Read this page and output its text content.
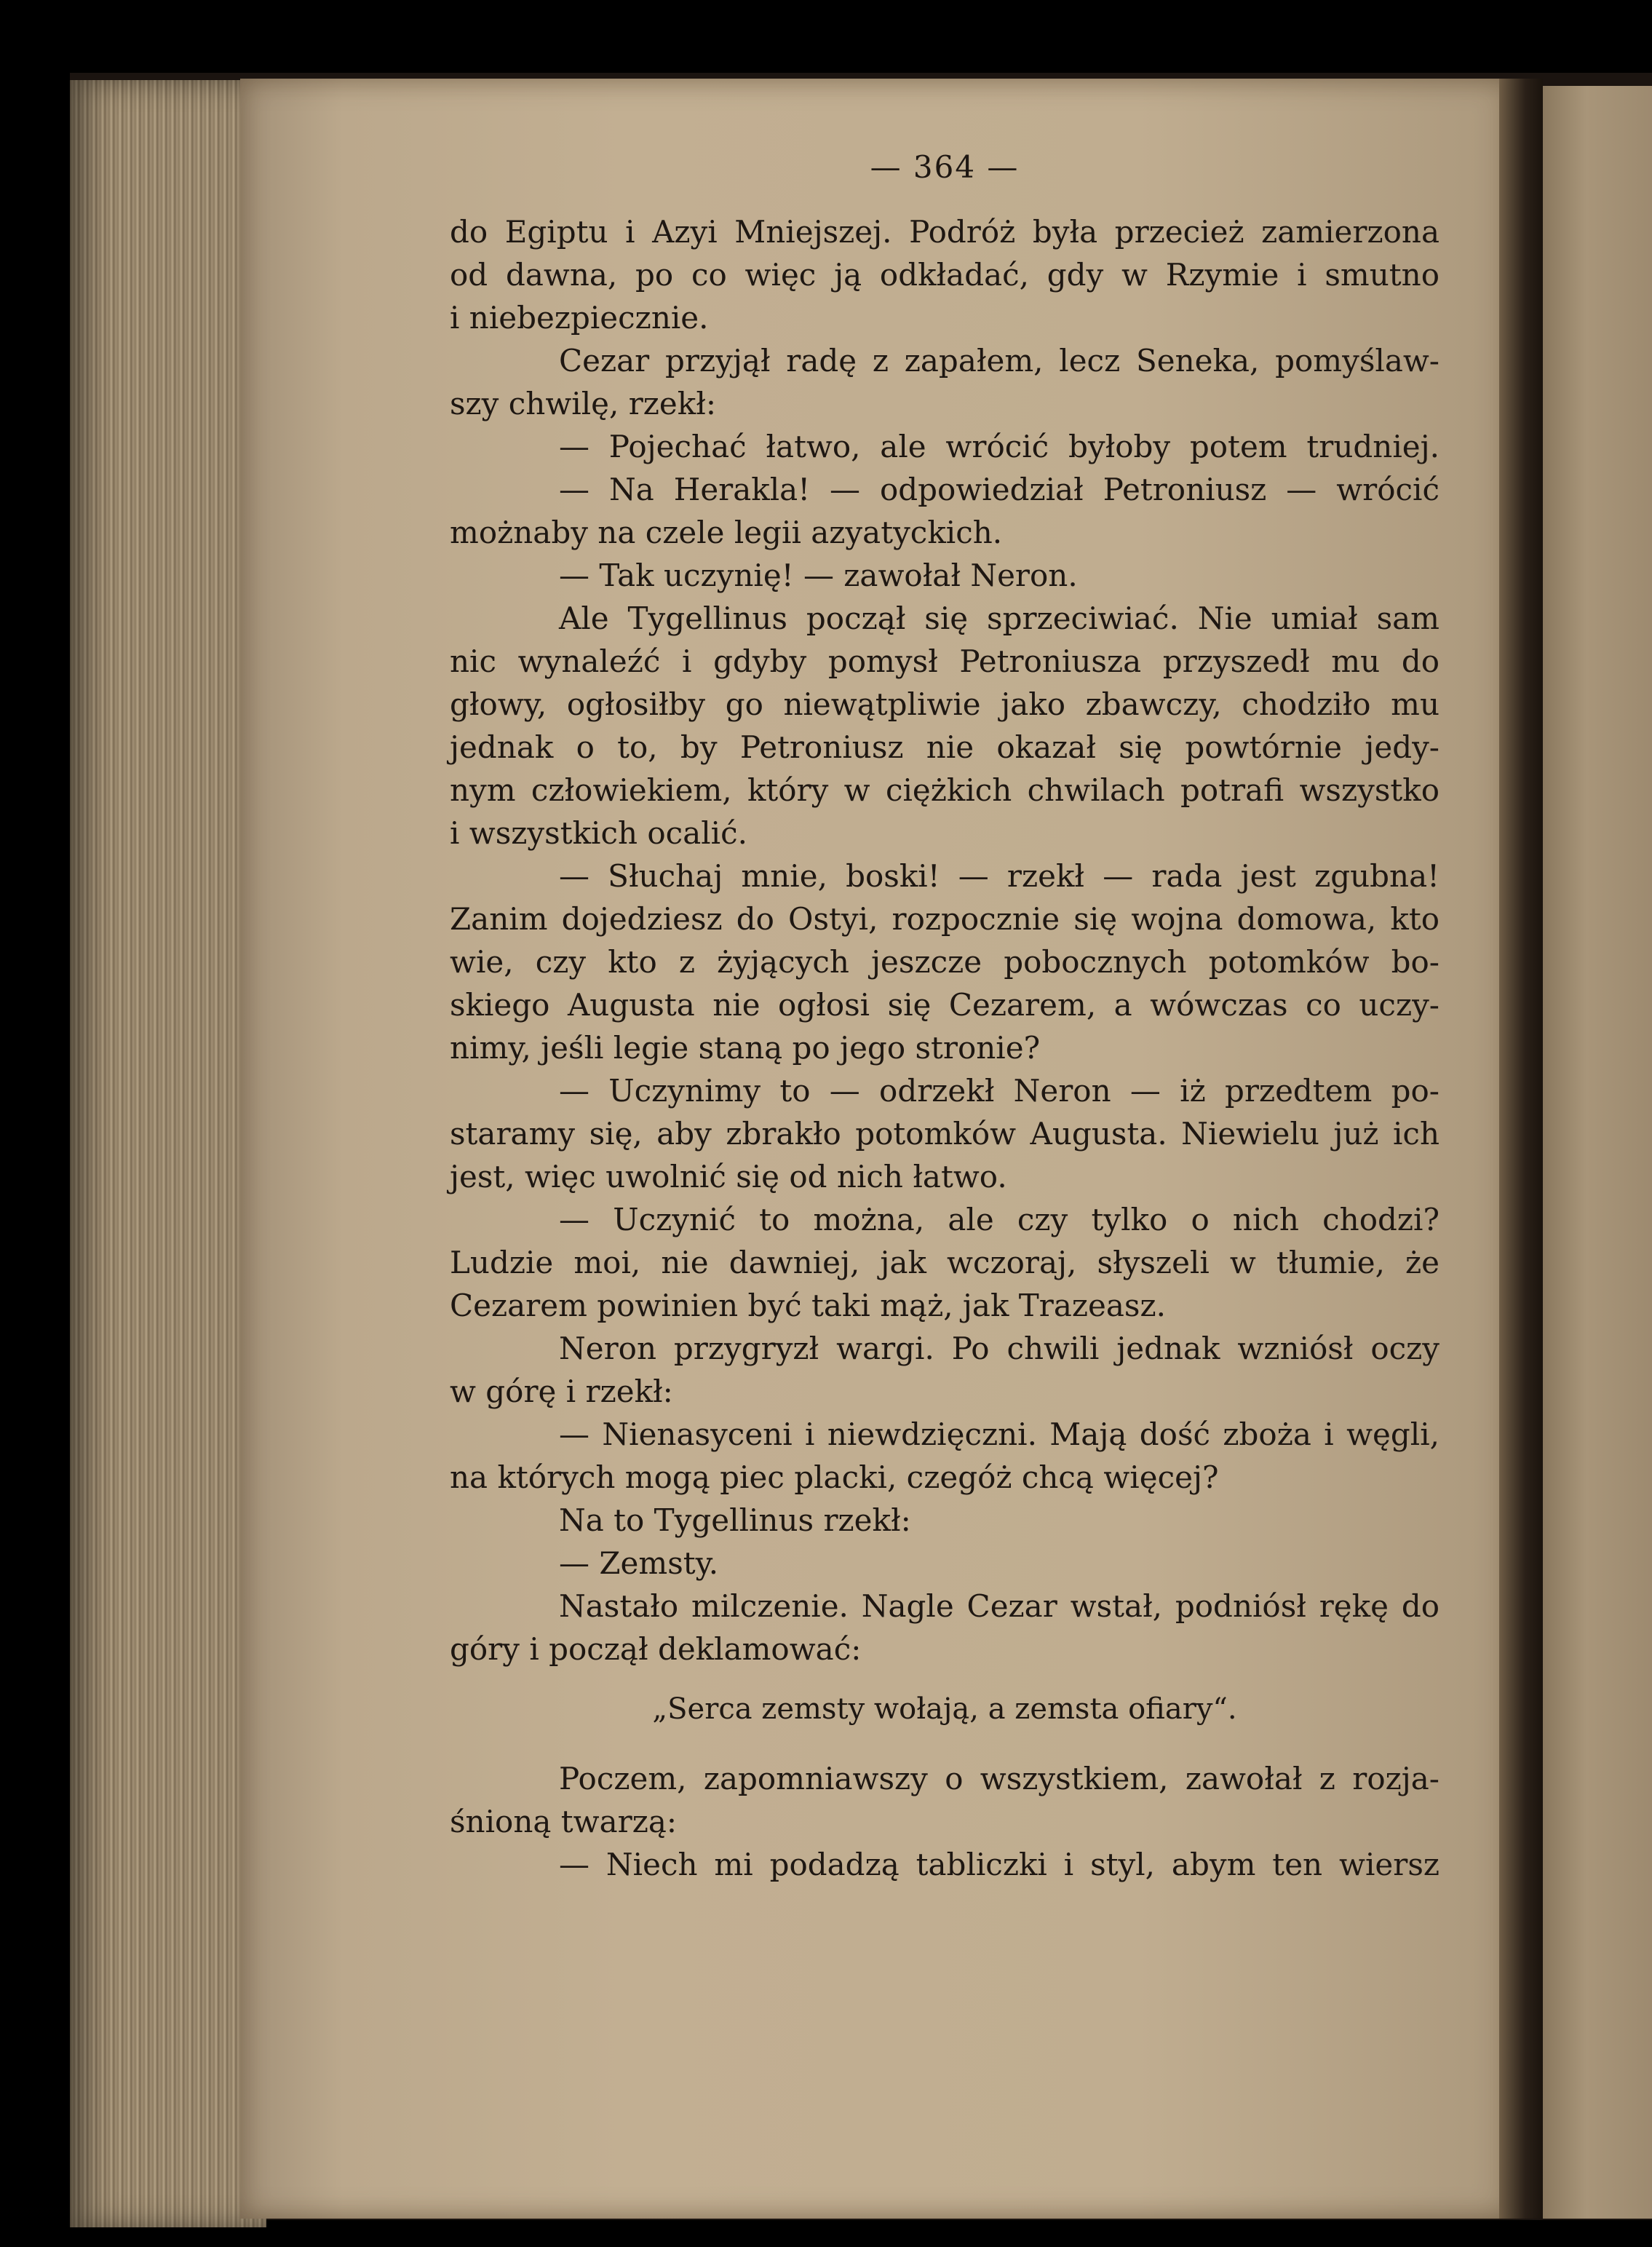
— 364 —
do Egiptu i Azyi Mniejszej. Podróż była przecież zamierzona
od dawna, po co więc ją odkładać, gdy w Rzymie i smutno
i niebezpiecznie.
Cezar przyjął radę z zapałem, lecz Seneka, pomyślaw-
szy chwilę, rzekł:
— Pojechać łatwo, ale wrócić byłoby potem trudniej.
— Na Herakla! — odpowiedział Petroniusz — wrócić
możnaby na czele legii azyatyckich.
— Tak uczynię! — zawołał Neron.
Ale Tygellinus począł się sprzeciwiać. Nie umiał sam
nic wynaleźć i gdyby pomysł Petroniusza przyszedł mu do
głowy, ogłosiłby go niewątpliwie jako zbawczy, chodziło mu
jednak o to, by Petroniusz nie okazał się powtórnie jedy-
nym człowiekiem, który w ciężkich chwilach potrafi wszystko
i wszystkich ocalić.
— Słuchaj mnie, boski! — rzekł — rada jest zgubna!
Zanim dojedziesz do Ostyi, rozpocznie się wojna domowa, kto
wie, czy kto z żyjących jeszcze pobocznych potomków bo-
skiego Augusta nie ogłosi się Cezarem, a wówczas co uczy-
nimy, jeśli legie staną po jego stronie?
— Uczynimy to — odrzekł Neron — iż przedtem po-
staramy się, aby zbrakło potomków Augusta. Niewielu już ich
jest, więc uwolnić się od nich łatwo.
— Uczynić to można, ale czy tylko o nich chodzi?
Ludzie moi, nie dawniej, jak wczoraj, słyszeli w tłumie, że
Cezarem powinien być taki mąż, jak Trazeasz.
Neron przygryzł wargi. Po chwili jednak wzniósł oczy
w górę i rzekł:
— Nienasyceni i niewdzięczni. Mają dość zboża i węgli,
na których mogą piec placki, czegóż chcą więcej?
Na to Tygellinus rzekł:
— Zemsty.
Nastało milczenie. Nagle Cezar wstał, podniósł rękę do
góry i począł deklamować:
„Serca zemsty wołają, a zemsta ofiary“.
Poczem, zapomniawszy o wszystkiem, zawołał z rozja-
śnioną twarzą:
— Niech mi podadzą tabliczki i styl, abym ten wiersz
